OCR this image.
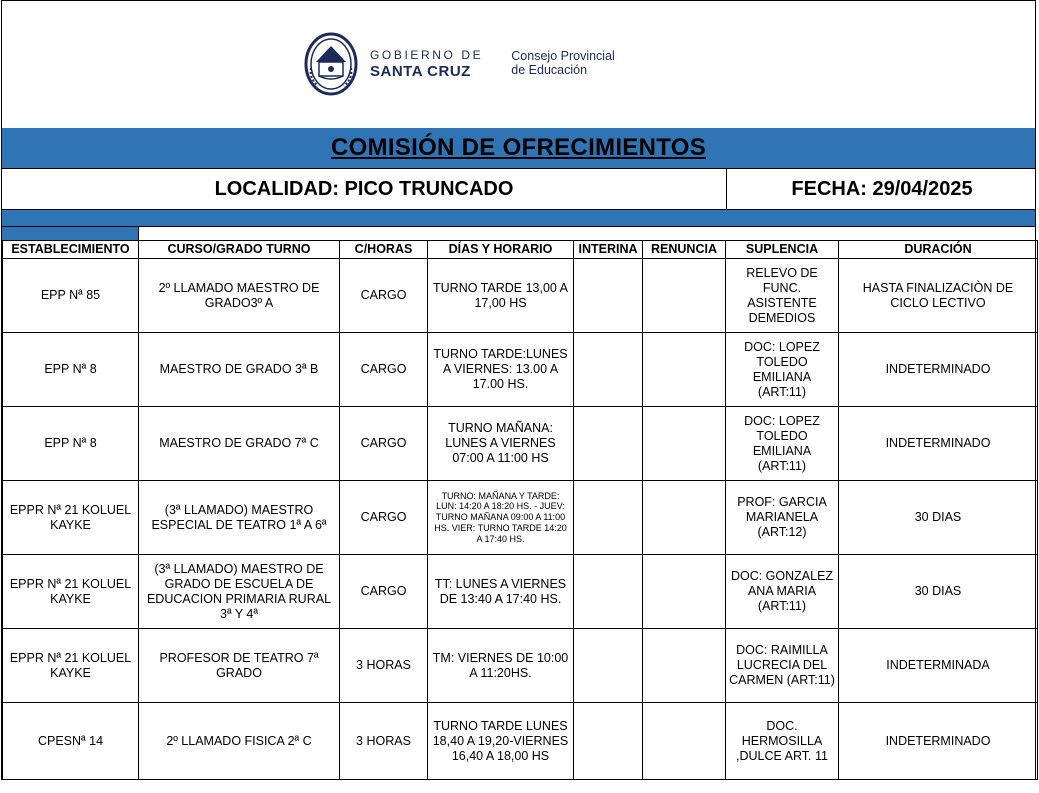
GOBIERNO DE
SANTA CRUZ
Consejo Provincial
de Educación
COMISIÓN DE OFRECIMIENTOS
LOCALIDAD: PICO TRUNCADO	FECHA: 29/04/2025
ESTABLECIMIENTO	CURSO/GRADO TURNO	C/HORAS	DÍAS Y HORARIO	INTERINA	RENUNCIA	SUPLENCIA	DURACIÓN
EPP Nª 85	2º LLAMADO MAESTRO DE GRADO3º A	CARGO	TURNO TARDE 13,00 A 17,00 HS			RELEVO DE FUNC. ASISTENTE DEMEDIOS	HASTA FINALIZACIÒN DE CICLO LECTIVO
EPP Nª 8	MAESTRO DE GRADO 3ª B	CARGO	TURNO TARDE:LUNES A VIERNES: 13.00 A 17.00 HS.			DOC: LOPEZ TOLEDO EMILIANA (ART:11)	INDETERMINADO
EPP Nª 8	MAESTRO DE GRADO 7ª C	CARGO	TURNO MAÑANA: LUNES A VIERNES 07:00 A 11:00 HS			DOC: LOPEZ TOLEDO EMILIANA (ART:11)	INDETERMINADO
EPPR Nª 21 KOLUEL KAYKE	(3ª LLAMADO) MAESTRO ESPECIAL DE TEATRO 1ª A 6ª	CARGO	TURNO: MAÑANA Y TARDE: LUN: 14:20 A 18:20 HS. - JUEV: TURNO MAÑANA 09:00 A 11:00 HS. VIER: TURNO TARDE 14:20 A 17:40 HS.			PROF: GARCIA MARIANELA (ART:12)	30 DIAS
EPPR Nª 21 KOLUEL KAYKE	(3ª LLAMADO) MAESTRO DE GRADO DE ESCUELA DE EDUCACION PRIMARIA RURAL 3ª Y 4ª	CARGO	TT: LUNES A VIERNES DE 13:40 A 17:40 HS.			DOC: GONZALEZ ANA MARIA (ART:11)	30 DIAS
EPPR Nª 21 KOLUEL KAYKE	PROFESOR DE TEATRO 7ª GRADO	3 HORAS	TM: VIERNES DE 10:00 A 11:20HS.			DOC: RAIMILLA LUCRECIA DEL CARMEN (ART:11)	INDETERMINADA
CPESNª 14	2º LLAMADO FISICA 2ª C	3 HORAS	TURNO TARDE LUNES 18,40 A 19,20-VIERNES 16,40 A 18,00 HS			DOC. HERMOSILLA ,DULCE ART. 11	INDETERMINADO
